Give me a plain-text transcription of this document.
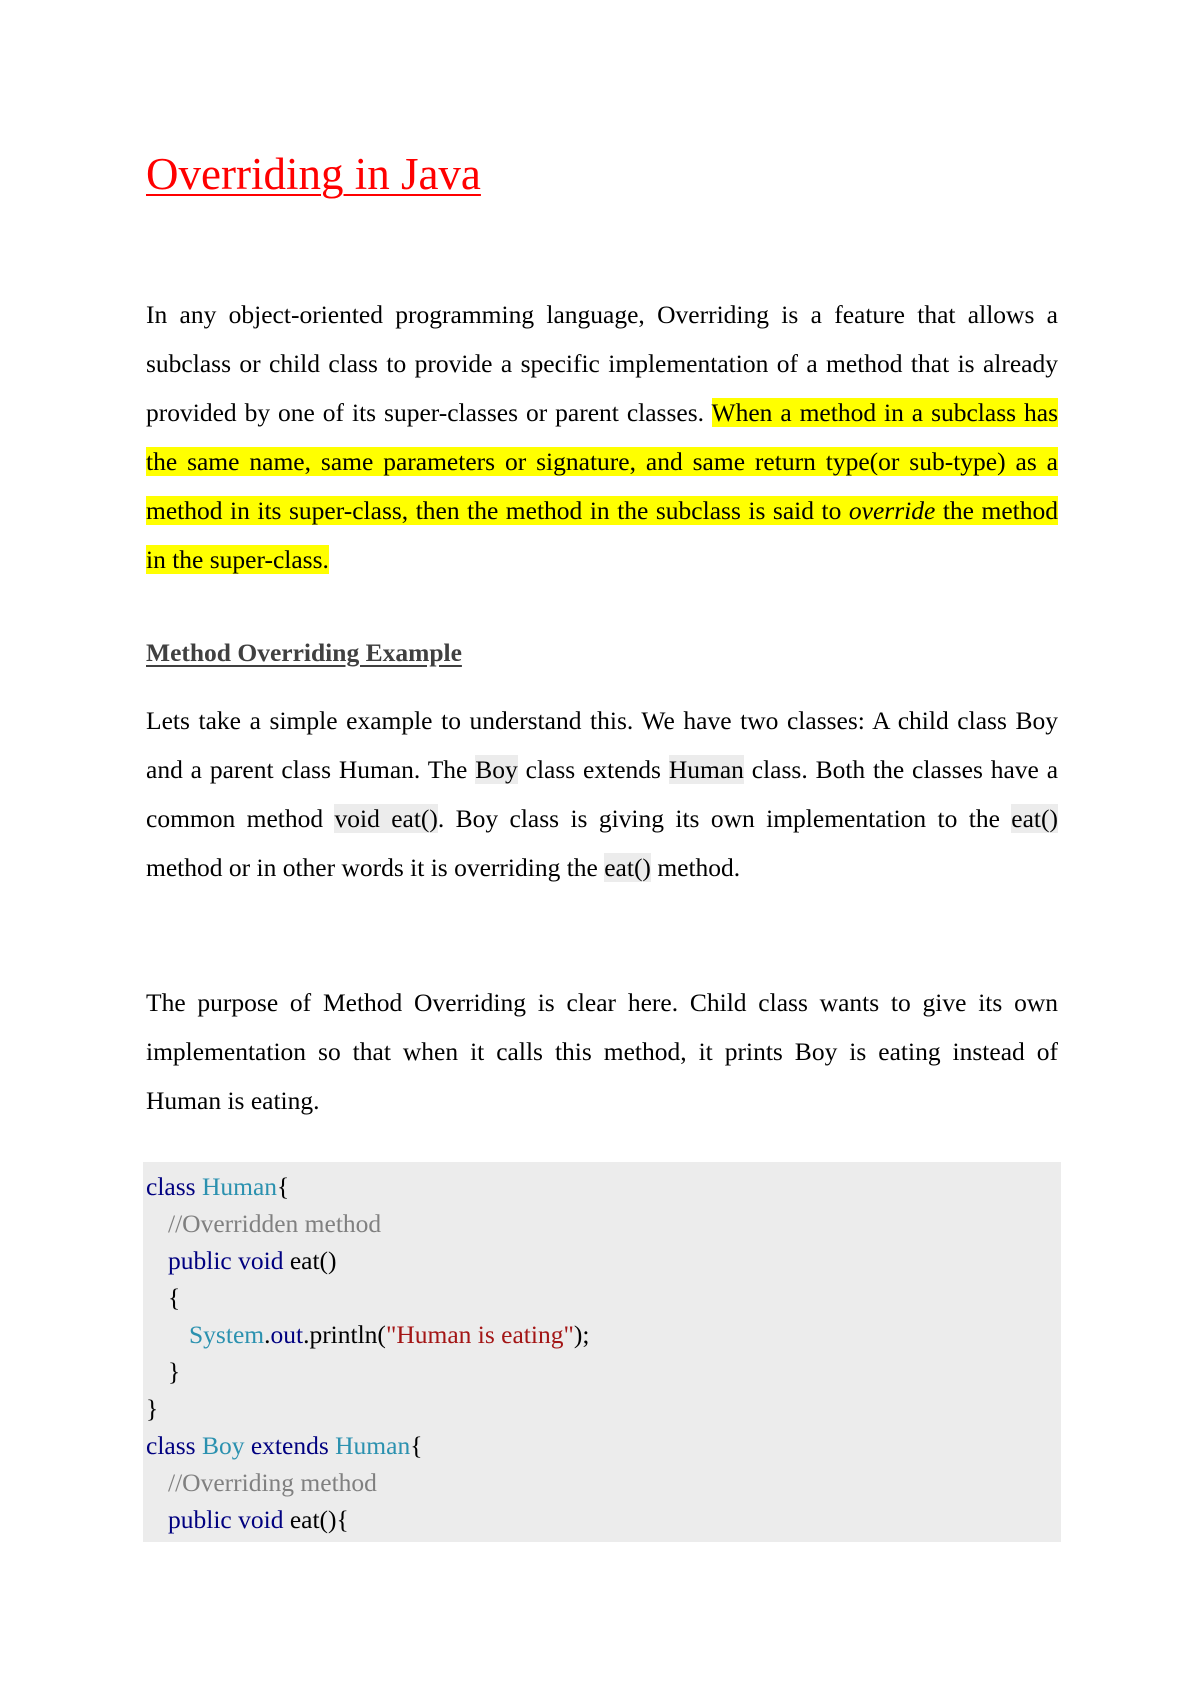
Overriding in Java

In any object-oriented programming language, Overriding is a feature that allows a subclass or child class to provide a specific implementation of a method that is already provided by one of its super-classes or parent classes. When a method in a subclass has the same name, same parameters or signature, and same return type(or sub-type) as a method in its super-class, then the method in the subclass is said to override the method in the super-class.

Method Overriding Example

Lets take a simple example to understand this. We have two classes: A child class Boy and a parent class Human. The Boy class extends Human class. Both the classes have a common method void eat(). Boy class is giving its own implementation to the eat() method or in other words it is overriding the eat() method.

The purpose of Method Overriding is clear here. Child class wants to give its own implementation so that when it calls this method, it prints Boy is eating instead of Human is eating.

class Human{
//Overridden method
public void eat()
{
System.out.println("Human is eating");
}
}
class Boy extends Human{
//Overriding method
public void eat(){
